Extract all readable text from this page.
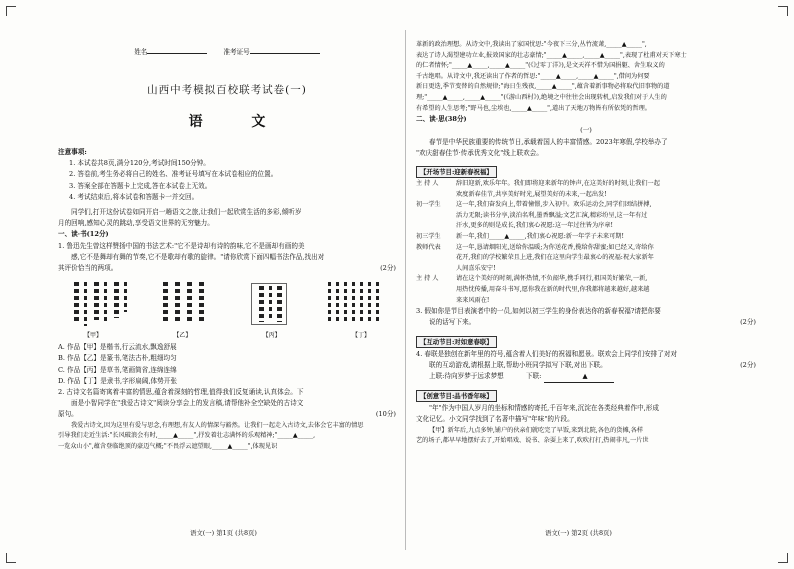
姓名	准考证号
山西中考模拟百校联考试卷(一)
语 文
注意事项:
1. 本试卷共8页,满分120分,考试时间150分钟。
2. 答卷前,考生务必将自己的姓名、准考证号填写在本试卷相应的位置。
3. 答案全部在答题卡上完成,答在本试卷上无效。
4. 考试结束后,将本试卷和答题卡一并交回。
同学们,打开这份试卷如同开启一趟语文之旅,让我们一起欣赏生活的多彩,倾听岁
月的回响,感知心灵的跳动,享受语文世界的无穷魅力。
一、读·书(12分)
1. 鲁迅先生曾这样赞扬中国的书法艺术:"它不是诗却有诗的韵味,它不是画却有画的美
感,它不是舞却有舞的节奏,它不是歌却有歌的旋律。"请你欣赏下面四幅书法作品,找出对
其评价恰当的两项。	(2分)
【甲】	【乙】	【丙】	【丁】
A. 作品【甲】是楷书,行云流水,飘逸舒展
B. 作品【乙】是篆书,笔法古朴,粗细均匀
C. 作品【丙】是草书,笔画简省,连绵连绵
D. 作品【丁】是隶书,字形扁阔,体势开张
2. 古诗文名篇寄寓着丰富的情思,蕴含着深刻的哲理,值得我们反复诵读,认真体会。下
面是小智同学在"我爱古诗文"阅读分享会上的发言稿,请帮他补全空缺处的古诗文
原句。	(10分)
我爱古诗文,因为这里有爱与思念,有理想,有友人的情深与豁然。让我们一起走入古诗文,去体会它丰富的情思
引导我们走近生活:"长风破浪会有时,_____▲_____",抒发着壮志满怀的乐观精神;"_____▲_____,
一览众山小",蕴含登临绝顶的豪迈气概;"不畏浮云遮望眼,_____▲_____",体现见识
革新的政治理想。从诗文中,我读出了家国忧思:"今夜下三分,丛竹流萧,_____▲_____",
表达了诗人渴望建功立业,报效国家的壮志豪情;"_____▲_____,_____▲_____",表现了杜甫对天下寒士
的仁者情怀;"_____▲_____,_____▲_____"(《过零丁洋》),是文天祥不惜为国捐躯、舍生取义的
千古绝唱。从诗文中,我还读出了作者的哲思:"_____▲_____,_____▲_____",借问为何要
新日更迭,季节变替的自然规律;"海日生残夜,_____▲_____",蕴含着新事物必将取代旧事物的道
理;"_____▲_____,_____▲_____"(《游山西村》),绝境之中往往会出现转机,启发我们对于人生的
有希望的人生思考;"野马也,尘埃也,_____▲_____",道出了天地万物皆有所依凭的哲理。
二、读·思(38分)
(一)
春节是中华民族重要的传统节日,承载着国人的丰富情感。2023年寒假,学校举办了
"欢庆甜春佳节·传承优秀文化"线上联欢会。
【开场节目:迎新春祝福】
主 持 人	辞旧迎新,欢乐年年。我们即将迎来新年的钟声,在这美好的时刻,让我们一起
欢度新春佳节,共享美好时光,展望美好的未来,一起出发!
初一学生	这一年,我们奋发向上,带着憧憬,步入初中。欢乐运动会,同学们团结拼搏,
活力无限;读书分享,淡泊名利,墨香飘溢;文艺汇演,精彩纷呈,这一年有过
汗水,更多的则是成长,我们衷心祝愿:这一年过往皆为序章!
初三学生	新一年,我们_____▲_____,我们衷心祝愿:新一年学子未来可期!
教师代表	这一年,恳请烟阳光,送给你温暖;为你送花香,揽给你甜蜜;如已经又,寄给你
花开,我们的学校繁荣且上进,我们在这里向学生最衷心的祝福:祝大家新年
人间喜乐安宁!
主 持 人	请在这个美好的时刻,满怀热情,不负韶华,携手同行,祖国美好繁荣,一新,
用热忱传播,用奋斗书写,愿你我在新的时代里,你我都将越来越好,越来越
来来风雨在!
3. 假如你是节目表演者中的一员,如何以初三学生的身份表达你的新春祝福?请把你要
说的话写下来。	(2分)
【互动节目:对如意春联】
4. 春联是独创在新年里的符号,蕴含着人们美好的祝福和愿景。联欢会上同学们安排了对对
联的互动游戏,请根据上联,帮助小班同学拟写下联,对出下联。	(2分)
上联:待向岁梦于远求梦想	下联:	▲
【创意节目:品书香年味】
"年"作为中国人岁月的坐标和情感的寄托,千百年来,沉淀在各类经典着作中,形成
文化记忆。小文同学找到了名著中描写"年味"的片段。
【甲】新年后,九点多钟,铺户的伙亲们就吃完了早饭,来到北院,各色的货摊,各样
艺的场子,都早早地摆好去了,开始唱戏、说书、杂耍上来了,吹吹打打,热闹非凡,一片世
语文(一) 第1页 (共8页)	语文(一) 第2页 (共8页)
